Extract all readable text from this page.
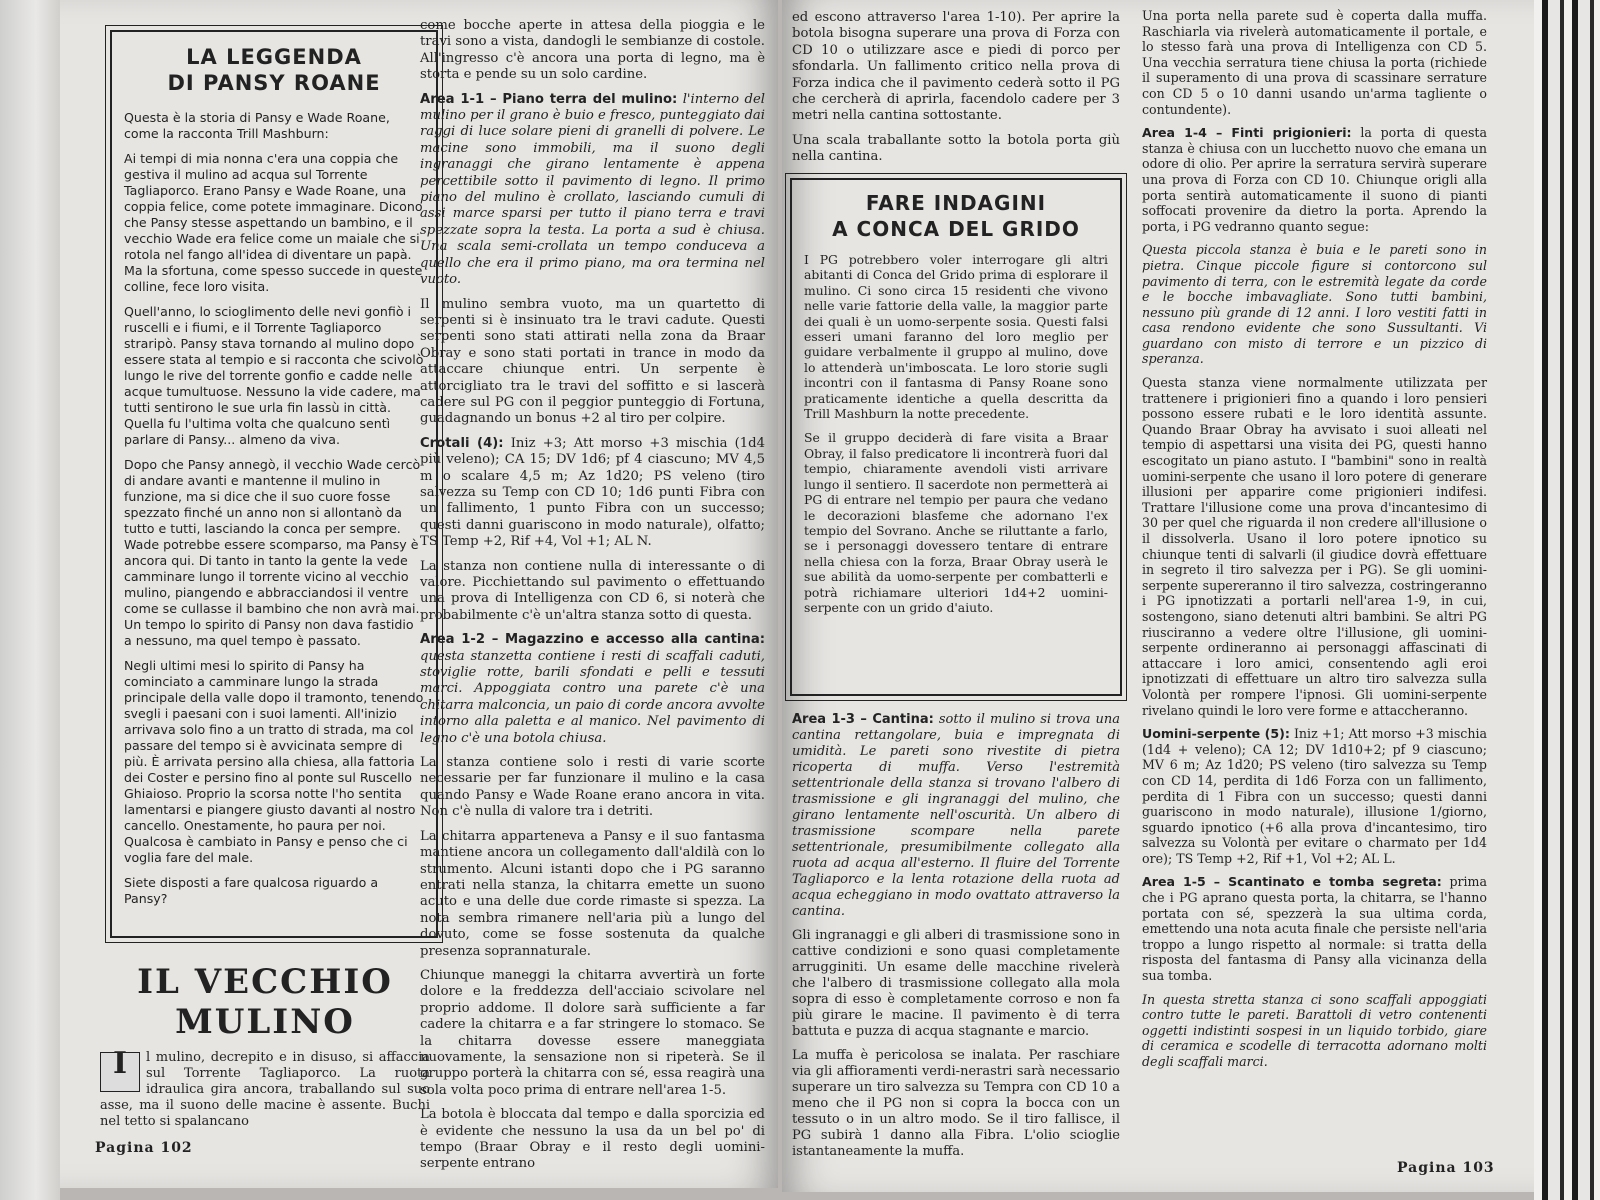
LA LEGGENDA
DI PANSY ROANE

Questa è la storia di Pansy e Wade Roane, come la racconta Trill Mashburn:

Ai tempi di mia nonna c'era una coppia che gestiva il mulino ad acqua sul Torrente Tagliaporco. Erano Pansy e Wade Roane, una coppia felice, come potete immaginare. Dicono che Pansy stesse aspettando un bambino, e il vecchio Wade era felice come un maiale che si rotola nel fango all'idea di diventare un papà. Ma la sfortuna, come spesso succede in queste colline, fece loro visita.

Quell'anno, lo scioglimento delle nevi gonfiò i ruscelli e i fiumi, e il Torrente Tagliaporco straripò. Pansy stava tornando al mulino dopo essere stata al tempio e si racconta che scivolò lungo le rive del torrente gonfio e cadde nelle acque tumultuose. Nessuno la vide cadere, ma tutti sentirono le sue urla fin lassù in città. Quella fu l'ultima volta che qualcuno sentì parlare di Pansy... almeno da viva.

Dopo che Pansy annegò, il vecchio Wade cercò di andare avanti e mantenne il mulino in funzione, ma si dice che il suo cuore fosse spezzato finché un anno non si allontanò da tutto e tutti, lasciando la conca per sempre. Wade potrebbe essere scomparso, ma Pansy è ancora qui. Di tanto in tanto la gente la vede camminare lungo il torrente vicino al vecchio mulino, piangendo e abbracciandosi il ventre come se cullasse il bambino che non avrà mai. Un tempo lo spirito di Pansy non dava fastidio a nessuno, ma quel tempo è passato.

Negli ultimi mesi lo spirito di Pansy ha cominciato a camminare lungo la strada principale della valle dopo il tramonto, tenendo svegli i paesani con i suoi lamenti. All'inizio arrivava solo fino a un tratto di strada, ma col passare del tempo si è avvicinata sempre di più. È arrivata persino alla chiesa, alla fattoria dei Coster e persino fino al ponte sul Ruscello Ghiaioso. Proprio la scorsa notte l'ho sentita lamentarsi e piangere giusto davanti al nostro cancello. Onestamente, ho paura per noi. Qualcosa è cambiato in Pansy e penso che ci voglia fare del male.

Siete disposti a fare qualcosa riguardo a Pansy?

IL VECCHIO
MULINO
I	l mulino, decrepito e in disuso, si affaccia sul Torrente Tagliaporco. La ruota idraulica gira ancora, traballando sul suo asse, ma il suono delle macine è assente. Buchi nel tetto si spalancano
Pagina 102

come bocche aperte in attesa della pioggia e le travi sono a vista, dandogli le sembianze di costole. All'ingresso c'è ancora una porta di legno, ma è storta e pende su un solo cardine.

Area 1-1 – Piano terra del mulino: l'interno del mulino per il grano è buio e fresco, punteggiato dai raggi di luce solare pieni di granelli di polvere. Le macine sono immobili, ma il suono degli ingranaggi che girano lentamente è appena percettibile sotto il pavimento di legno. Il primo piano del mulino è crollato, lasciando cumuli di assi marce sparsi per tutto il piano terra e travi spezzate sopra la testa. La porta a sud è chiusa. Una scala semi-crollata un tempo conduceva a quello che era il primo piano, ma ora termina nel vuoto.

Il mulino sembra vuoto, ma un quartetto di serpenti si è insinuato tra le travi cadute. Questi serpenti sono stati attirati nella zona da Braar Obray e sono stati portati in trance in modo da attaccare chiunque entri. Un serpente è attorcigliato tra le travi del soffitto e si lascerà cadere sul PG con il peggior punteggio di Fortuna, guadagnando un bonus +2 al tiro per colpire.

Crotali (4): Iniz +3; Att morso +3 mischia (1d4 più veleno); CA 15; DV 1d6; pf 4 ciascuno; MV 4,5 m o scalare 4,5 m; Az 1d20; PS veleno (tiro salvezza su Temp con CD 10; 1d6 punti Fibra con un fallimento, 1 punto Fibra con un successo; questi danni guariscono in modo naturale), olfatto; TS Temp +2, Rif +4, Vol +1; AL N.

La stanza non contiene nulla di interessante o di valore. Picchiettando sul pavimento o effettuando una prova di Intelligenza con CD 6, si noterà che probabilmente c'è un'altra stanza sotto di questa.

Area 1-2 – Magazzino e accesso alla cantina: questa stanzetta contiene i resti di scaffali caduti, stoviglie rotte, barili sfondati e pelli e tessuti marci. Appoggiata contro una parete c'è una chitarra malconcia, un paio di corde ancora avvolte intorno alla paletta e al manico. Nel pavimento di legno c'è una botola chiusa.

La stanza contiene solo i resti di varie scorte necessarie per far funzionare il mulino e la casa quando Pansy e Wade Roane erano ancora in vita. Non c'è nulla di valore tra i detriti.

La chitarra apparteneva a Pansy e il suo fantasma mantiene ancora un collegamento dall'aldilà con lo strumento. Alcuni istanti dopo che i PG saranno entrati nella stanza, la chitarra emette un suono acuto e una delle due corde rimaste si spezza. La nota sembra rimanere nell'aria più a lungo del dovuto, come se fosse sostenuta da qualche presenza soprannaturale.

Chiunque maneggi la chitarra avvertirà un forte dolore e la freddezza dell'acciaio scivolare nel proprio addome. Il dolore sarà sufficiente a far cadere la chitarra e a far stringere lo stomaco. Se la chitarra dovesse essere maneggiata nuovamente, la sensazione non si ripeterà. Se il gruppo porterà la chitarra con sé, essa reagirà una sola volta poco prima di entrare nell'area 1-5.

La botola è bloccata dal tempo e dalla sporcizia ed è evidente che nessuno la usa da un bel po' di tempo (Braar Obray e il resto degli uomini-serpente entrano

ed escono attraverso l'area 1-10). Per aprire la botola bisogna superare una prova di Forza con CD 10 o utilizzare asce e piedi di porco per sfondarla. Un fallimento critico nella prova di Forza indica che il pavimento cederà sotto il PG che cercherà di aprirla, facendolo cadere per 3 metri nella cantina sottostante.

Una scala traballante sotto la botola porta giù nella cantina.

FARE INDAGINI
A CONCA DEL GRIDO

I PG potrebbero voler interrogare gli altri abitanti di Conca del Grido prima di esplorare il mulino. Ci sono circa 15 residenti che vivono nelle varie fattorie della valle, la maggior parte dei quali è un uomo-serpente sosia. Questi falsi esseri umani faranno del loro meglio per guidare verbalmente il gruppo al mulino, dove lo attenderà un'imboscata. Le loro storie sugli incontri con il fantasma di Pansy Roane sono praticamente identiche a quella descritta da Trill Mashburn la notte precedente.

Se il gruppo deciderà di fare visita a Braar Obray, il falso predicatore li incontrerà fuori dal tempio, chiaramente avendoli visti arrivare lungo il sentiero. Il sacerdote non permetterà ai PG di entrare nel tempio per paura che vedano le decorazioni blasfeme che adornano l'ex tempio del Sovrano. Anche se riluttante a farlo, se i personaggi dovessero tentare di entrare nella chiesa con la forza, Braar Obray userà le sue abilità da uomo-serpente per combatterli e potrà richiamare ulteriori 1d4+2 uomini-serpente con un grido d'aiuto.

Area 1-3 – Cantina: sotto il mulino si trova una cantina rettangolare, buia e impregnata di umidità. Le pareti sono rivestite di pietra ricoperta di muffa. Verso l'estremità settentrionale della stanza si trovano l'albero di trasmissione e gli ingranaggi del mulino, che girano lentamente nell'oscurità. Un albero di trasmissione scompare nella parete settentrionale, presumibilmente collegato alla ruota ad acqua all'esterno. Il fluire del Torrente Tagliaporco e la lenta rotazione della ruota ad acqua echeggiano in modo ovattato attraverso la cantina.

Gli ingranaggi e gli alberi di trasmissione sono in cattive condizioni e sono quasi completamente arrugginiti. Un esame delle macchine rivelerà che l'albero di trasmissione collegato alla mola sopra di esso è completamente corroso e non fa più girare le macine. Il pavimento è di terra battuta e puzza di acqua stagnante e marcio.

La muffa è pericolosa se inalata. Per raschiare via gli affioramenti verdi-nerastri sarà necessario superare un tiro salvezza su Tempra con CD 10 a meno che il PG non si copra la bocca con un tessuto o in un altro modo. Se il tiro fallisce, il PG subirà 1 danno alla Fibra. L'olio scioglie istantaneamente la muffa.

Una porta nella parete sud è coperta dalla muffa. Raschiarla via rivelerà automaticamente il portale, e lo stesso farà una prova di Intelligenza con CD 5. Una vecchia serratura tiene chiusa la porta (richiede il superamento di una prova di scassinare serrature con CD 5 o 10 danni usando un'arma tagliente o contundente).

Area 1-4 – Finti prigionieri: la porta di questa stanza è chiusa con un lucchetto nuovo che emana un odore di olio. Per aprire la serratura servirà superare una prova di Forza con CD 10. Chiunque origli alla porta sentirà automaticamente il suono di pianti soffocati provenire da dietro la porta. Aprendo la porta, i PG vedranno quanto segue:

Questa piccola stanza è buia e le pareti sono in pietra. Cinque piccole figure si contorcono sul pavimento di terra, con le estremità legate da corde e le bocche imbavagliate. Sono tutti bambini, nessuno più grande di 12 anni. I loro vestiti fatti in casa rendono evidente che sono Sussultanti. Vi guardano con misto di terrore e un pizzico di speranza.

Questa stanza viene normalmente utilizzata per trattenere i prigionieri fino a quando i loro pensieri possono essere rubati e le loro identità assunte. Quando Braar Obray ha avvisato i suoi alleati nel tempio di aspettarsi una visita dei PG, questi hanno escogitato un piano astuto. I "bambini" sono in realtà uomini-serpente che usano il loro potere di generare illusioni per apparire come prigionieri indifesi. Trattare l'illusione come una prova d'incantesimo di 30 per quel che riguarda il non credere all'illusione o il dissolverla. Usano il loro potere ipnotico su chiunque tenti di salvarli (il giudice dovrà effettuare in segreto il tiro salvezza per i PG). Se gli uomini-serpente supereranno il tiro salvezza, costringeranno i PG ipnotizzati a portarli nell'area 1-9, in cui, sostengono, siano detenuti altri bambini. Se altri PG riusciranno a vedere oltre l'illusione, gli uomini-serpente ordineranno ai personaggi affascinati di attaccare i loro amici, consentendo agli eroi ipnotizzati di effettuare un altro tiro salvezza sulla Volontà per rompere l'ipnosi. Gli uomini-serpente rivelano quindi le loro vere forme e attaccheranno.

Uomini-serpente (5): Iniz +1; Att morso +3 mischia (1d4 + veleno); CA 12; DV 1d10+2; pf 9 ciascuno; MV 6 m; Az 1d20; PS veleno (tiro salvezza su Temp con CD 14, perdita di 1d6 Forza con un fallimento, perdita di 1 Fibra con un successo; questi danni guariscono in modo naturale), illusione 1/giorno, sguardo ipnotico (+6 alla prova d'incantesimo, tiro salvezza su Volontà per evitare o charmato per 1d4 ore); TS Temp +2, Rif +1, Vol +2; AL L.

Area 1-5 – Scantinato e tomba segreta: prima che i PG aprano questa porta, la chitarra, se l'hanno portata con sé, spezzerà la sua ultima corda, emettendo una nota acuta finale che persiste nell'aria troppo a lungo rispetto al normale: si tratta della risposta del fantasma di Pansy alla vicinanza della sua tomba.

In questa stretta stanza ci sono scaffali appoggiati contro tutte le pareti. Barattoli di vetro contenenti oggetti indistinti sospesi in un liquido torbido, giare di ceramica e scodelle di terracotta adornano molti degli scaffali marci.

Pagina 103
